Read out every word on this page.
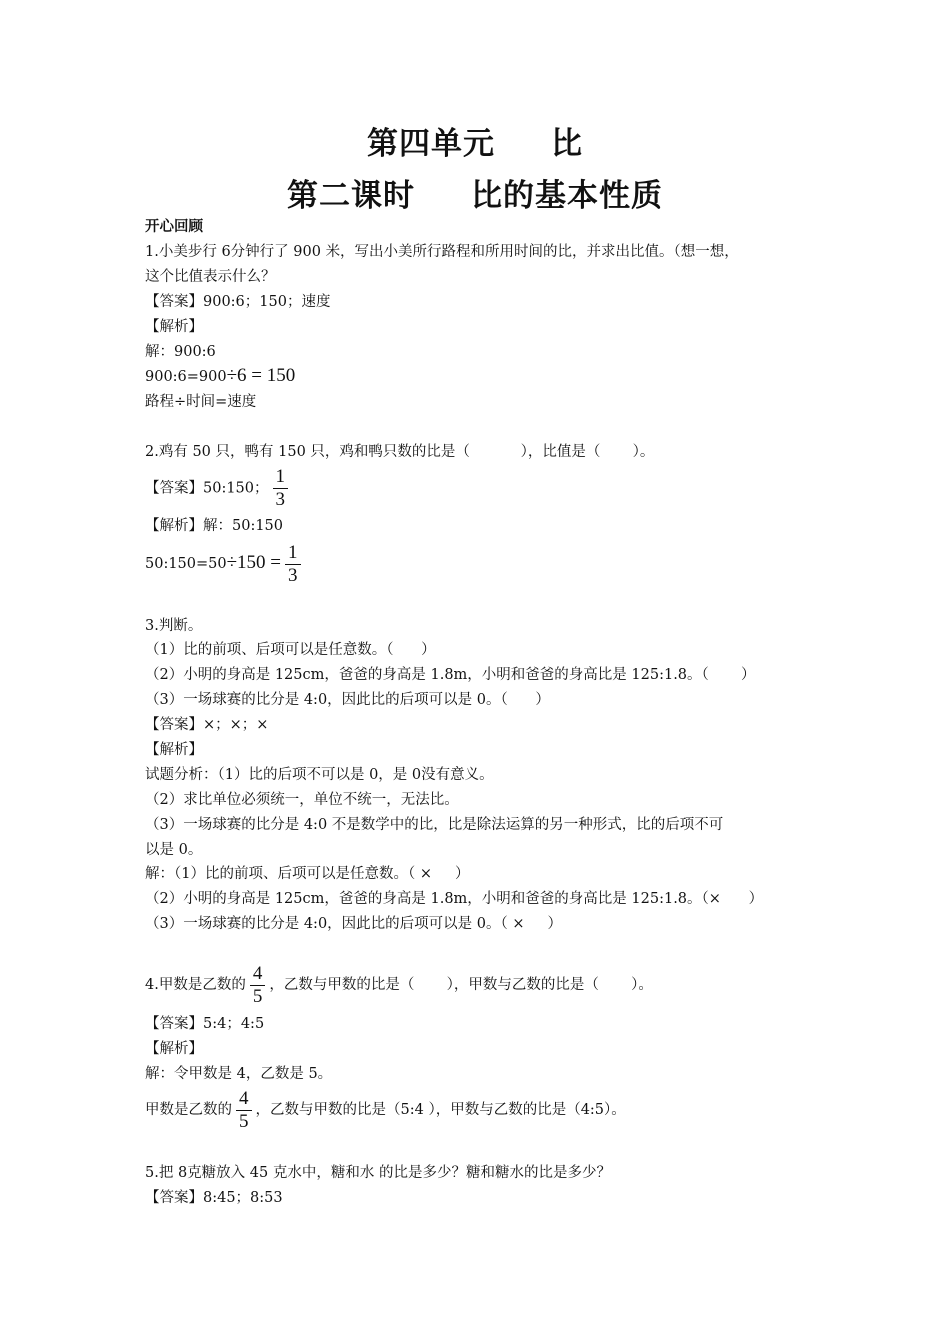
第四单元 比
第二课时 比的基本性质
开心回顾
1.小美步行 6分钟行了 900 米，写出小美所行路程和所用时间的比，并求出比值。（想一想，
这个比值表示什么？
【答案】900:6；150；速度
【解析】
解：900:6
900:6=900÷6 = 150
路程÷时间=速度
2.鸡有 50 只，鸭有 150 只，鸡和鸭只数的比是（           ），比值是（       ）。
【答案】50:150； $\frac{1}{3}$
【解析】解：50:150
50:150=50÷150 = $\frac{1}{3}$
3.判断。
（1）比的前项、后项可以是任意数。（      ）
（2）小明的身高是 125cm，爸爸的身高是 1.8m，小明和爸爸的身高比是 125:1.8。（       ）
（3）一场球赛的比分是 4:0，因此比的后项可以是 0。（      ）
【答案】×；×；×
【解析】
试题分析：（1）比的后项不可以是 0，是 0没有意义。
（2）求比单位必须统一，单位不统一，无法比。
（3）一场球赛的比分是 4:0 不是数学中的比，比是除法运算的另一种形式，比的后项不可
以是 0。
解：（1）比的前项、后项可以是任意数。（ ×     ）
（2）小明的身高是 125cm，爸爸的身高是 1.8m，小明和爸爸的身高比是 125:1.8。（×      ）
（3）一场球赛的比分是 4:0，因此比的后项可以是 0。（ ×     ）
4.甲数是乙数的 $\frac{4}{5}$ ，乙数与甲数的比是（       ），甲数与乙数的比是（       ）。
【答案】5:4；4:5
【解析】
解：令甲数是 4，乙数是 5。
甲数是乙数的 $\frac{4}{5}$ ，乙数与甲数的比是（5:4 ），甲数与乙数的比是（4:5）。
5.把 8克糖放入 45 克水中，糖和水 的比是多少？糖和糖水的比是多少？
【答案】8:45；8:53
